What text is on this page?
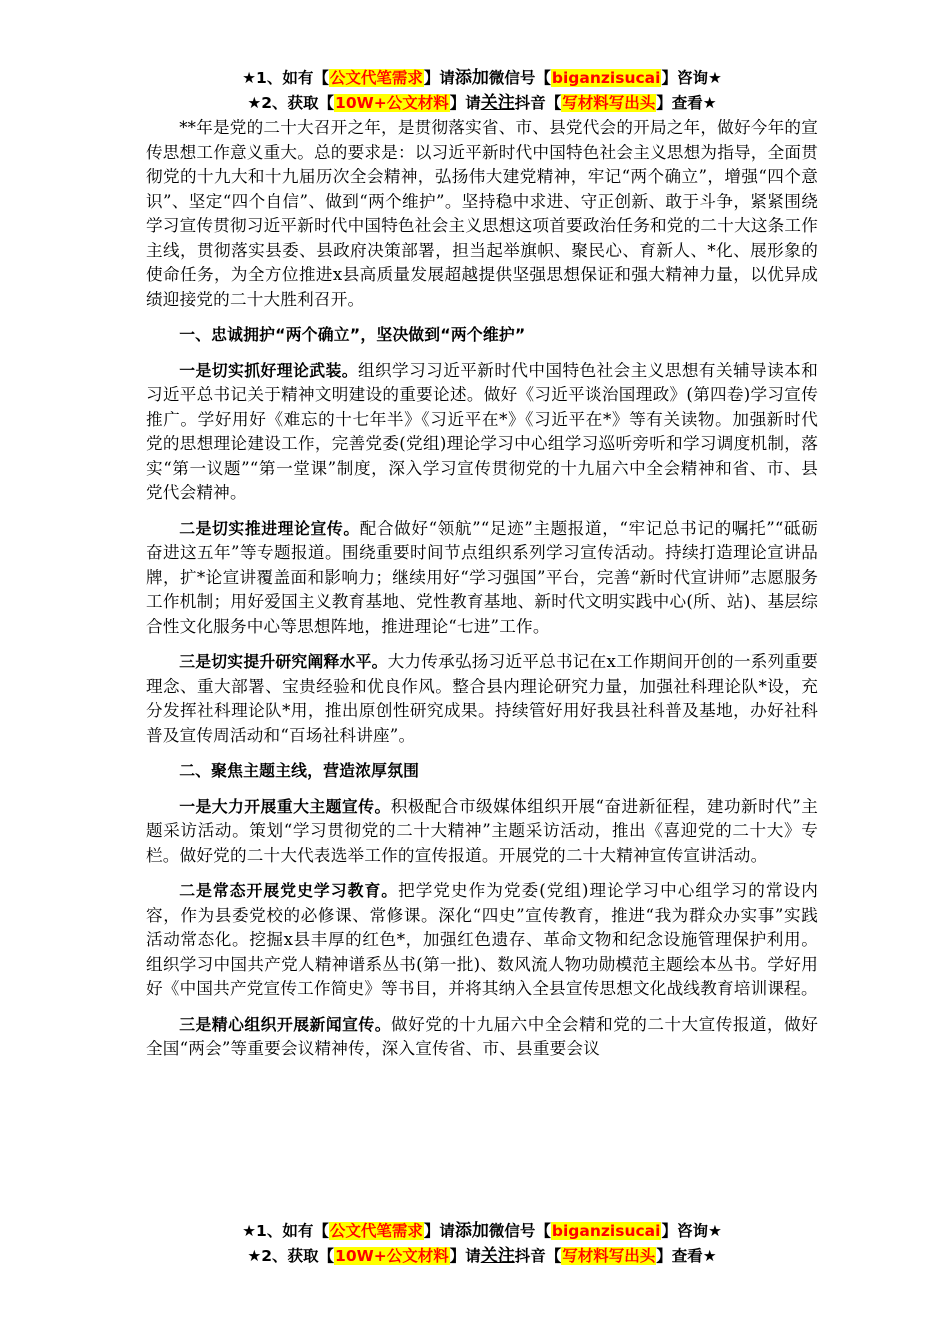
★1、如有【公文代笔需求】请添加微信号【biganzisucai】咨询★
★2、获取【10W+公文材料】请关注抖音【写材料写出头】查看★

**年是党的二十大召开之年，是贯彻落实省、市、县党代会的开局之年，做好今年的宣传思想工作意义重大。总的要求是：以习近平新时代中国特色社会主义思想为指导，全面贯彻党的十九大和十九届历次全会精神，弘扬伟大建党精神，牢记“两个确立”，增强“四个意识”、坚定“四个自信”、做到“两个维护”。坚持稳中求进、守正创新、敢于斗争，紧紧围绕学习宣传贯彻习近平新时代中国特色社会主义思想这项首要政治任务和党的二十大这条工作主线，贯彻落实县委、县政府决策部署，担当起举旗帜、聚民心、育新人、*化、展形象的使命任务，为全方位推进x县高质量发展超越提供坚强思想保证和强大精神力量，以优异成绩迎接党的二十大胜利召开。

一、忠诚拥护“两个确立”，坚决做到“两个维护”

一是切实抓好理论武装。组织学习习近平新时代中国特色社会主义思想有关辅导读本和习近平总书记关于精神文明建设的重要论述。做好《习近平谈治国理政》(第四卷)学习宣传推广。学好用好《难忘的十七年半》《习近平在*》《习近平在*》等有关读物。加强新时代党的思想理论建设工作，完善党委(党组)理论学习中心组学习巡听旁听和学习调度机制，落实“第一议题”“第一堂课”制度，深入学习宣传贯彻党的十九届六中全会精神和省、市、县党代会精神。

二是切实推进理论宣传。配合做好“领航”“足迹”主题报道，“牢记总书记的嘱托”“砥砺奋进这五年”等专题报道。围绕重要时间节点组织系列学习宣传活动。持续打造理论宣讲品牌，扩*论宣讲覆盖面和影响力；继续用好“学习强国”平台，完善“新时代宣讲师”志愿服务工作机制；用好爱国主义教育基地、党性教育基地、新时代文明实践中心(所、站)、基层综合性文化服务中心等思想阵地，推进理论“七进”工作。

三是切实提升研究阐释水平。大力传承弘扬习近平总书记在x工作期间开创的一系列重要理念、重大部署、宝贵经验和优良作风。整合县内理论研究力量，加强社科理论队*设，充分发挥社科理论队*用，推出原创性研究成果。持续管好用好我县社科普及基地，办好社科普及宣传周活动和“百场社科讲座”。

二、聚焦主题主线，营造浓厚氛围

一是大力开展重大主题宣传。积极配合市级媒体组织开展“奋进新征程，建功新时代”主题采访活动。策划“学习贯彻党的二十大精神”主题采访活动，推出《喜迎党的二十大》专栏。做好党的二十大代表选举工作的宣传报道。开展党的二十大精神宣传宣讲活动。

二是常态开展党史学习教育。把学党史作为党委(党组)理论学习中心组学习的常设内容，作为县委党校的必修课、常修课。深化“四史”宣传教育，推进“我为群众办实事”实践活动常态化。挖掘x县丰厚的红色*，加强红色遗存、革命文物和纪念设施管理保护利用。组织学习中国共产党人精神谱系丛书(第一批)、数风流人物功勋模范主题绘本丛书。学好用好《中国共产党宣传工作简史》等书目，并将其纳入全县宣传思想文化战线教育培训课程。

三是精心组织开展新闻宣传。做好党的十九届六中全会精和党的二十大宣传报道，做好全国“两会”等重要会议精神传，深入宣传省、市、县重要会议

★1、如有【公文代笔需求】请添加微信号【biganzisucai】咨询★
★2、获取【10W+公文材料】请关注抖音【写材料写出头】查看★
